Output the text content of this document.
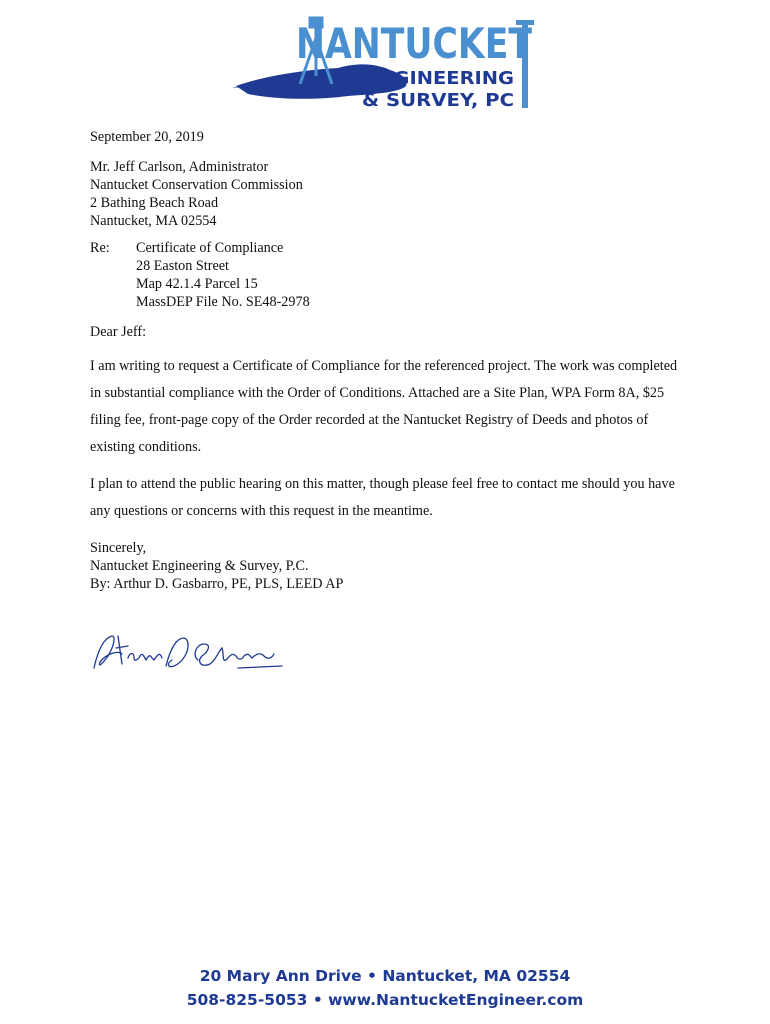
NANTUCKET
ENGINEERING
& SURVEY, PC

September 20, 2019

Mr. Jeff Carlson, Administrator

Nantucket Conservation Commission

2 Bathing Beach Road

Nantucket, MA 02554

Re:	Certificate of Compliance

28 Easton Street

Map 42.1.4 Parcel 15

MassDEP File No. SE48-2978

Dear Jeff:

I am writing to request a Certificate of Compliance for the referenced project. The work was completed in substantial compliance with the Order of Conditions. Attached are a Site Plan, WPA Form 8A, $25 filing fee, front-page copy of the Order recorded at the Nantucket Registry of Deeds and photos of existing conditions.

I plan to attend the public hearing on this matter, though please feel free to contact me should you have any questions or concerns with this request in the meantime.

Sincerely,

Nantucket Engineering & Survey, P.C.

By: Arthur D. Gasbarro, PE, PLS, LEED AP

20 Mary Ann Drive • Nantucket, MA 02554
508-825-5053 • www.NantucketEngineer.com
